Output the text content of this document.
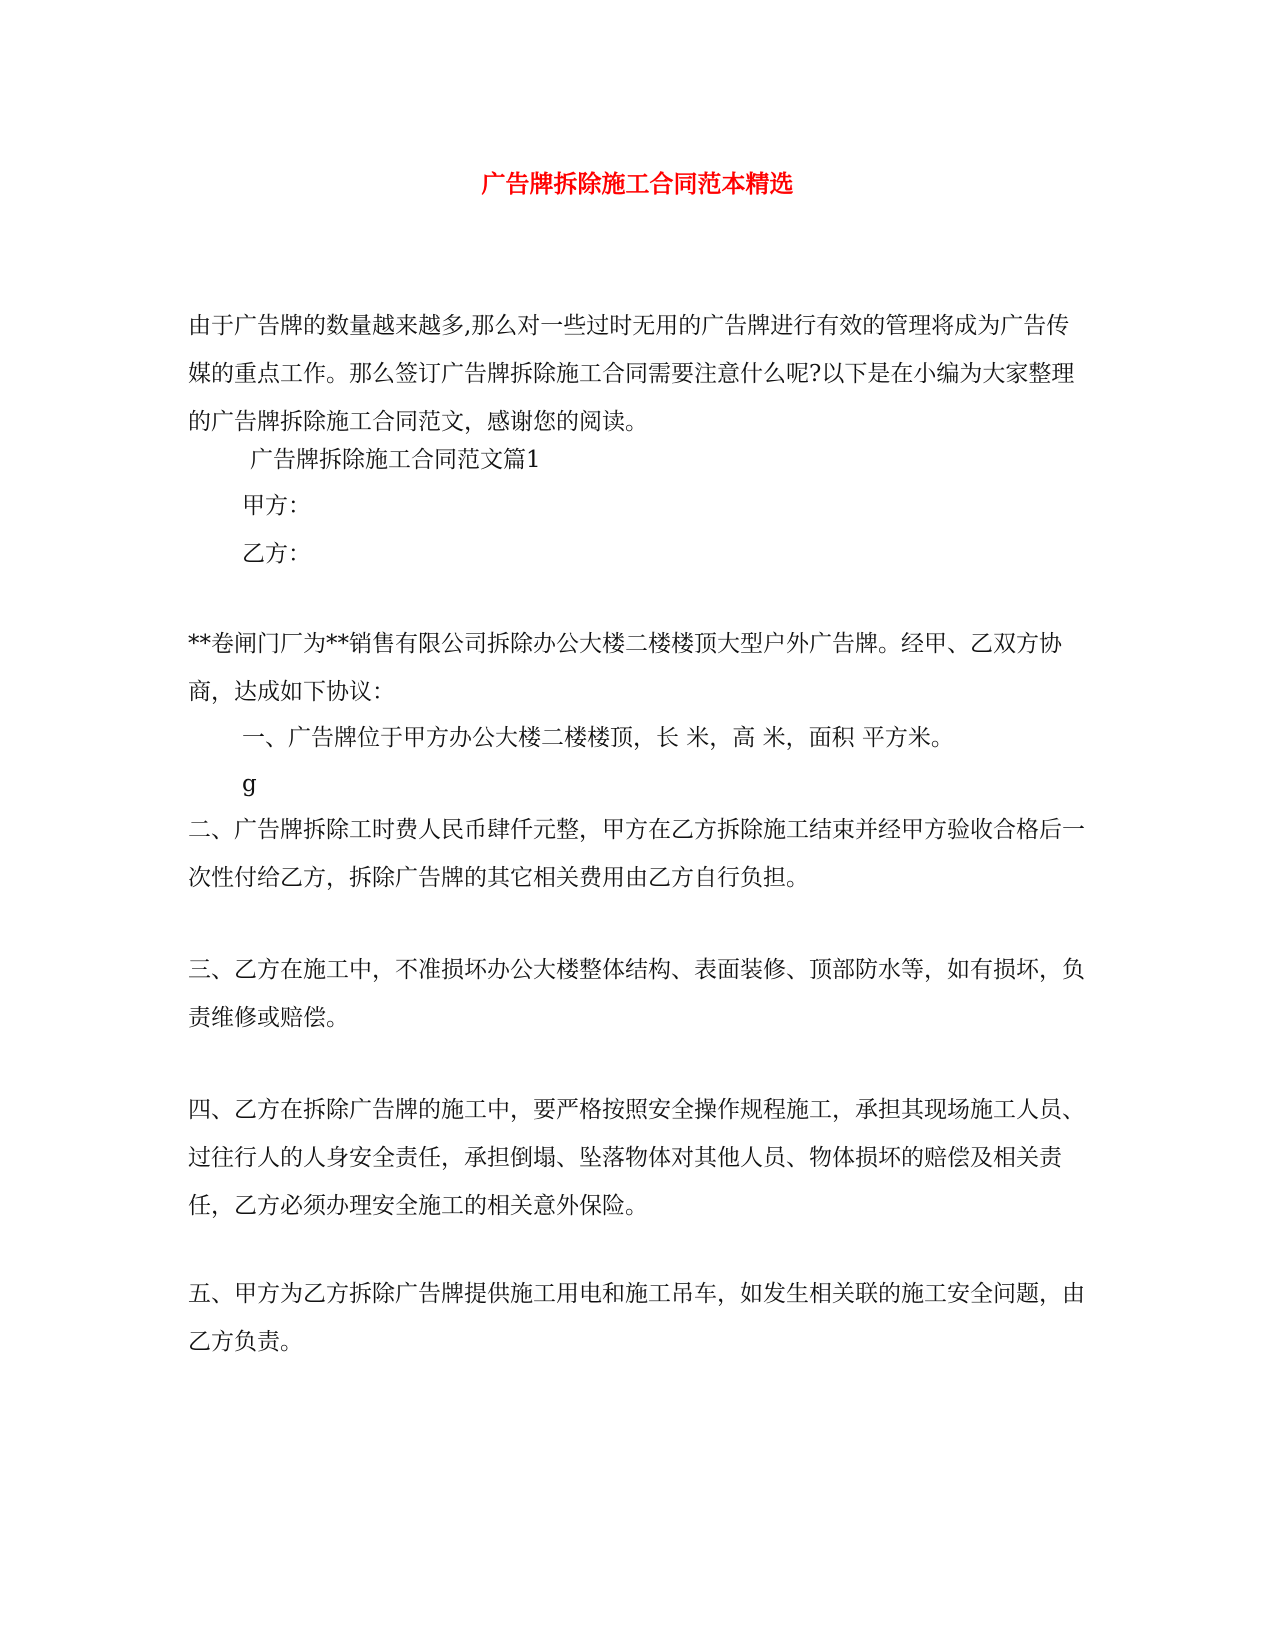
广告牌拆除施工合同范本精选

由于广告牌的数量越来越多,那么对一些过时无用的广告牌进行有效的管理将成为广告传媒的重点工作。那么签订广告牌拆除施工合同需要注意什么呢?以下是在小编为大家整理的广告牌拆除施工合同范文，感谢您的阅读。

广告牌拆除施工合同范文篇1
甲方：
乙方：

**卷闸门厂为**销售有限公司拆除办公大楼二楼楼顶大型户外广告牌。经甲、乙双方协商，达成如下协议：

一、广告牌位于甲方办公大楼二楼楼顶，长 米，高 米，面积 平方米。
g

二、广告牌拆除工时费人民币肆仟元整，甲方在乙方拆除施工结束并经甲方验收合格后一次性付给乙方，拆除广告牌的其它相关费用由乙方自行负担。

三、乙方在施工中，不准损坏办公大楼整体结构、表面装修、顶部防水等，如有损坏，负责维修或赔偿。

四、乙方在拆除广告牌的施工中，要严格按照安全操作规程施工，承担其现场施工人员、过往行人的人身安全责任，承担倒塌、坠落物体对其他人员、物体损坏的赔偿及相关责任，乙方必须办理安全施工的相关意外保险。

五、甲方为乙方拆除广告牌提供施工用电和施工吊车，如发生相关联的施工安全问题，由乙方负责。
